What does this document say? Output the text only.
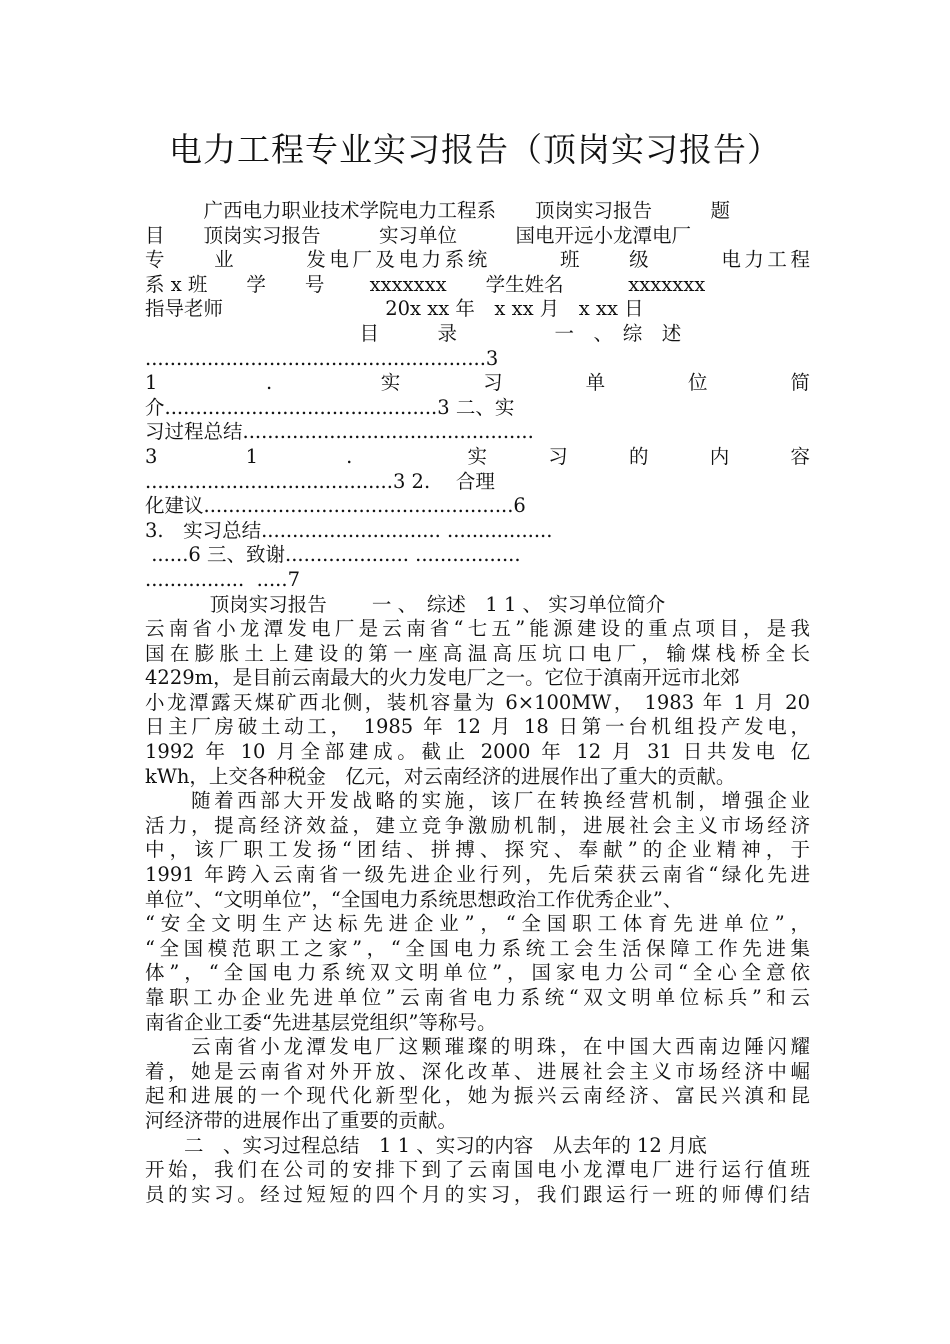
电力工程专业实习报告（顶岗实习报告）
　　　广西电力职业技术学院电力工程系　　顶岗实习报告　　　题
目　　顶岗实习报告　　　实习单位　　　国电开远小龙潭电厂
专　　业　　　发电厂及电力系统　　　班　　级　　　电力工程
系 x 班　　学　　号　　 xxxxxxx　　学生姓名　　　 xxxxxxx
指导老师　　　　　　　　 20x xx 年　x xx 月　x xx 日
　　　　　　　　　　　目　　　录　　　　　一　、　综　述
.......................................................3
1　　　　.　　　　实　　　习　　　单　　　位　　　简
介............................................3 二、实
习过程总结...............................................
3　　　1　　　.　　　　实　　习　　的　　内　　容
........................................3 2.　 合理
化建议..................................................6
3.　实习总结............................. .................
......6 三、致谢.................... .................
................  .....7
　　　 顶岗实习报告　　 一 、　综述　1 1 、 实习单位简介
云南省小龙潭发电厂是云南省“七五”能源建设的重点项目，是我
国在膨胀土上建设的第一座高温高压坑口电厂，输煤栈桥全长
4229m，是目前云南最大的火力发电厂之一。它位于滇南开远市北郊
小龙潭露天煤矿西北侧，装机容量为 6×100MW， 1983 年 1 月 20
日主厂房破土动工， 1985 年 12 月 18 日第一台机组投产发电，
1992 年 10 月全部建成。截止 2000 年 12 月 31 日共发电 亿
kWh，上交各种税金　亿元，对云南经济的进展作出了重大的贡献。
　　随着西部大开发战略的实施，该厂在转换经营机制，增强企业
活力，提高经济效益，建立竞争激励机制，进展社会主义市场经济
中，该厂职工发扬“团结、拼搏、探究、奉献”的企业精神，于
1991 年跨入云南省一级先进企业行列，先后荣获云南省“绿化先进
单位”、“文明单位”，“全国电力系统思想政治工作优秀企业”、
“安全文明生产达标先进企业”，“全国职工体育先进单位”，
“全国模范职工之家”，“全国电力系统工会生活保障工作先进集
体”，“全国电力系统双文明单位”，国家电力公司“全心全意依
靠职工办企业先进单位”云南省电力系统“双文明单位标兵”和云
南省企业工委“先进基层党组织”等称号。
　　云南省小龙潭发电厂这颗璀璨的明珠，在中国大西南边陲闪耀
着，她是云南省对外开放、深化改革、进展社会主义市场经济中崛
起和进展的一个现代化新型化，她为振兴云南经济、富民兴滇和昆
河经济带的进展作出了重要的贡献。
　　二　、实习过程总结　1 1 、实习的内容　从去年的 12 月底
开始，我们在公司的安排下到了云南国电小龙潭电厂进行运行值班
员的实习。经过短短的四个月的实习，我们跟运行一班的师傅们结
